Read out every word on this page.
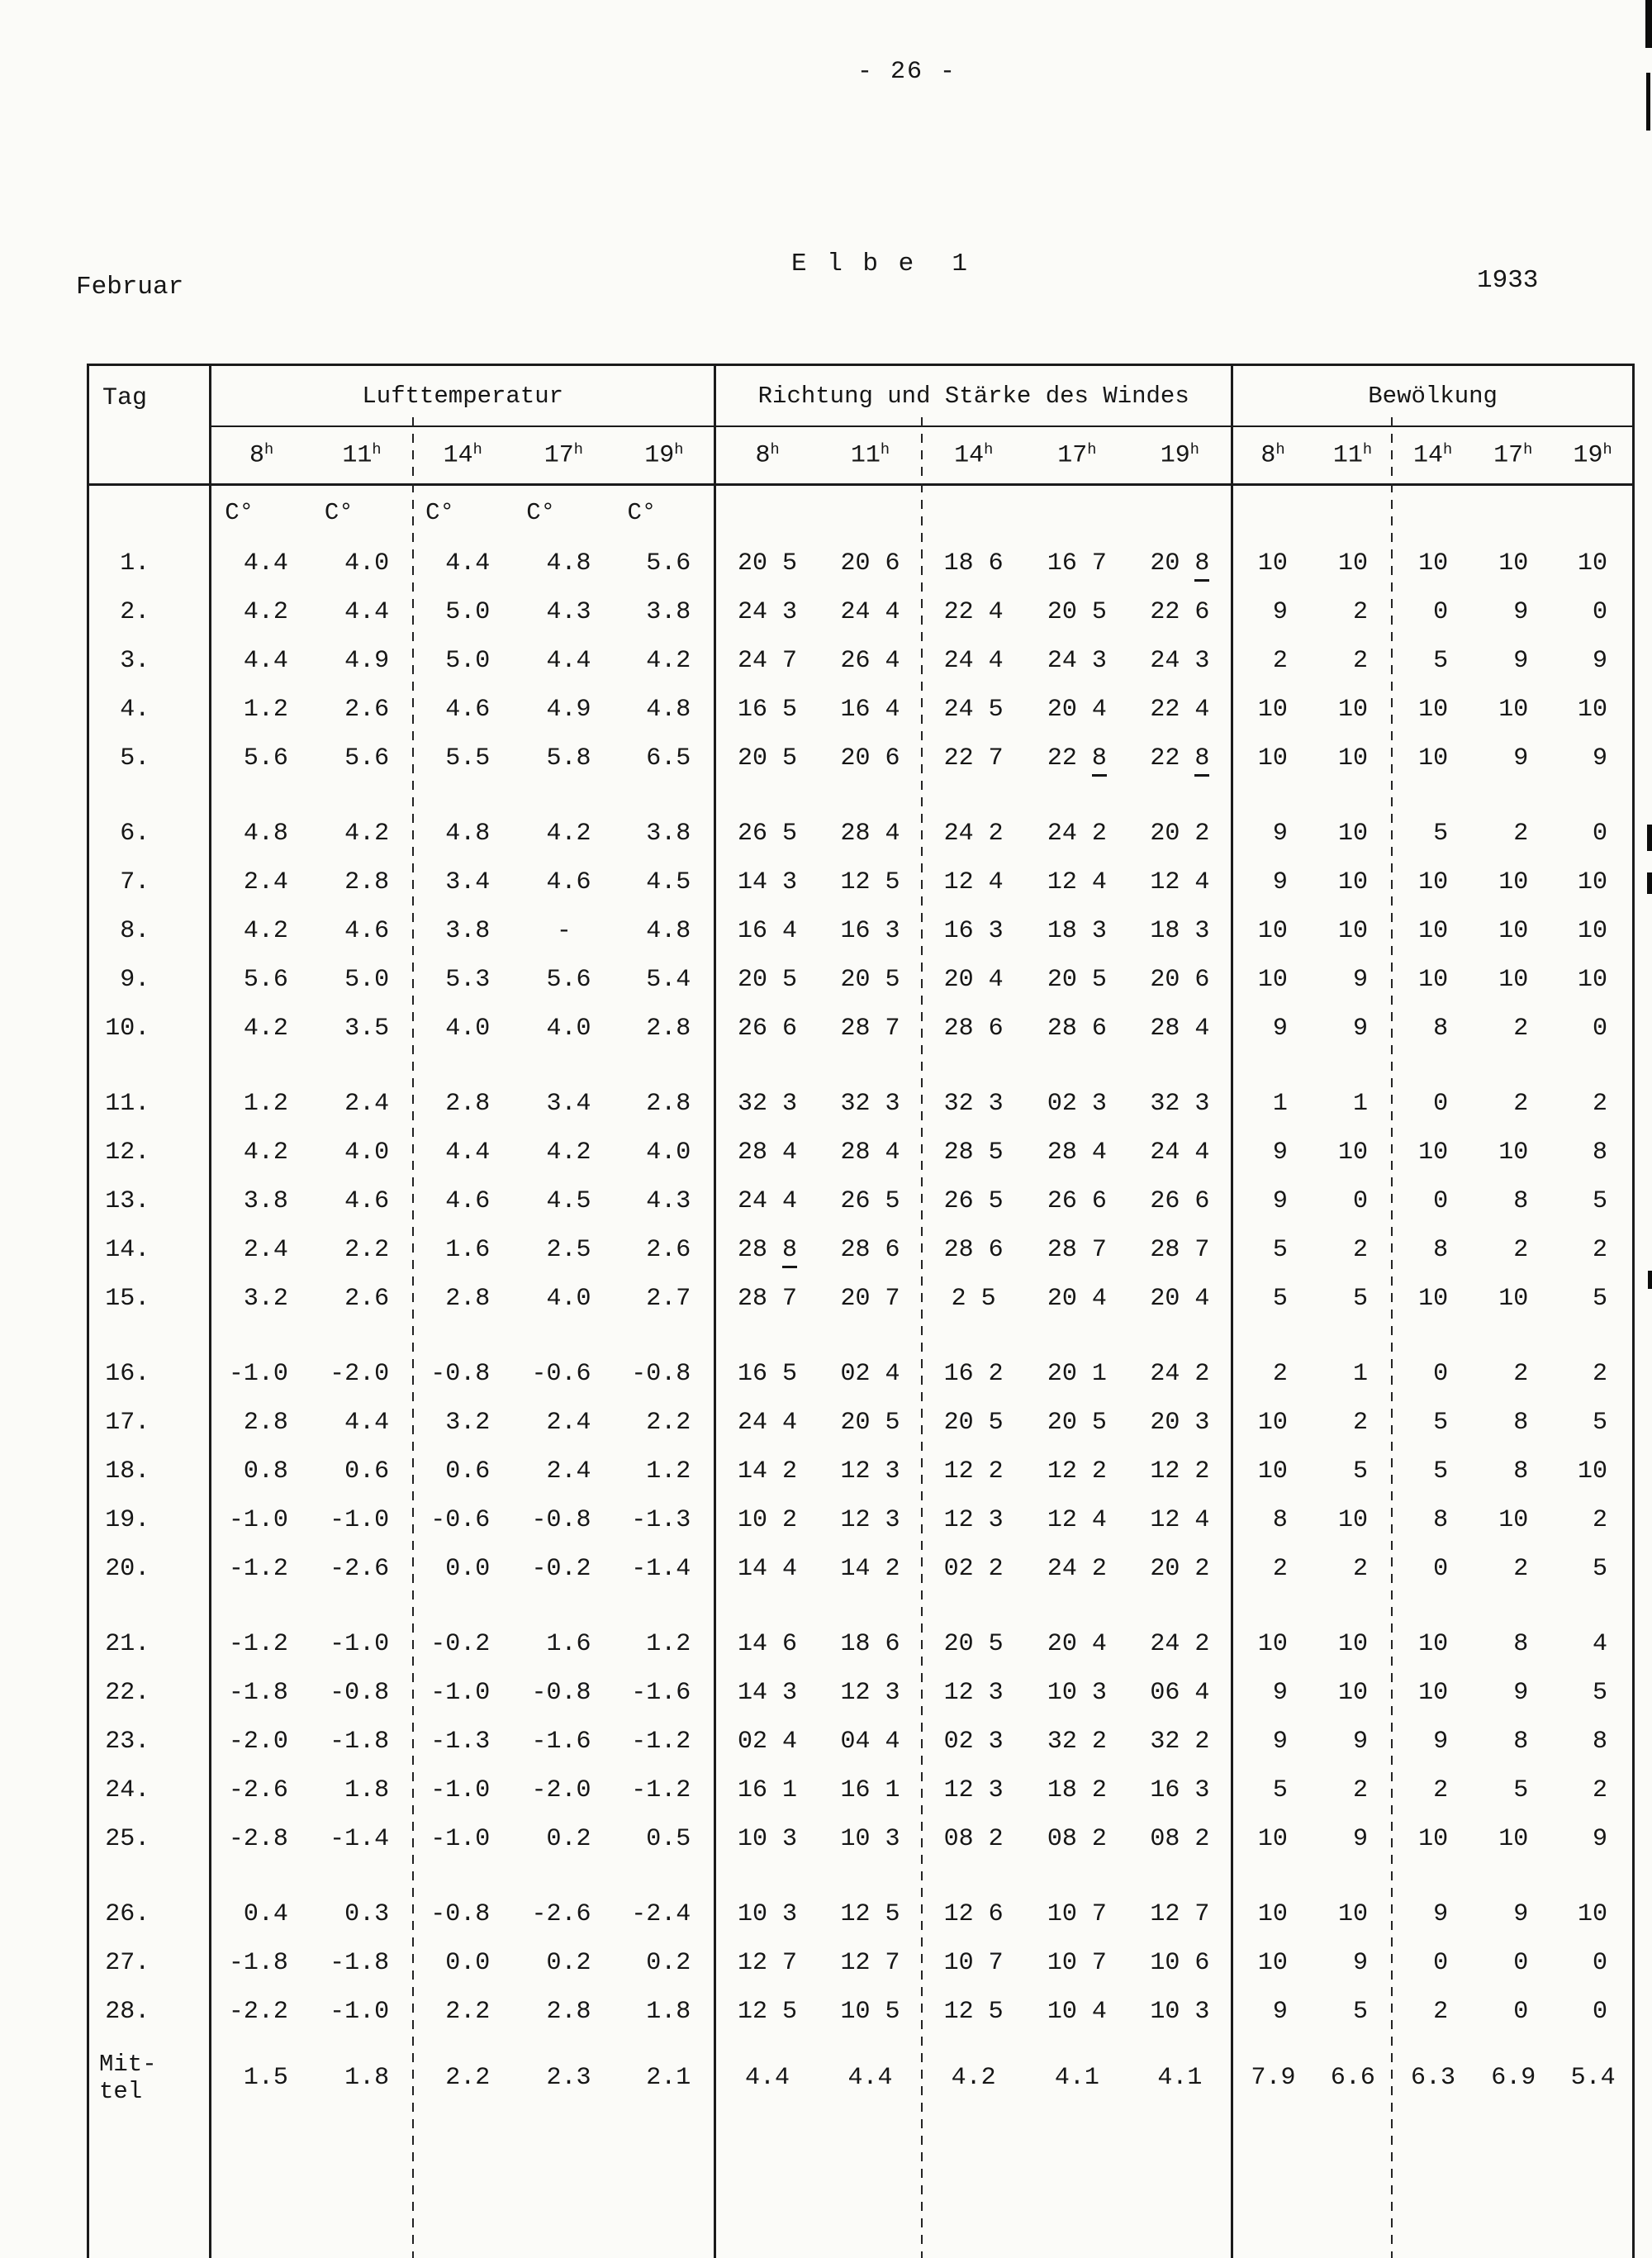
- 26 -
Februar
E l b e  1
1933
Tag	Lufttemperatur					Richtung und Stärke des Windes					Bewölkung				
	8$^h$	11$^h$	14$^h$	17$^h$	19$^h$	8$^h$	11$^h$	14$^h$	17$^h$	19$^h$	8$^h$	11$^h$	14$^h$	17$^h$	19$^h$
	C°	C°	C°	C°	C°										
1.	4.4	4.0	4.4	4.8	5.6	20 5	20 6	18 6	16 7	20 8	10	10	10	10	10
2.	4.2	4.4	5.0	4.3	3.8	24 3	24 4	22 4	20 5	22 6	9	2	0	9	0
3.	4.4	4.9	5.0	4.4	4.2	24 7	26 4	24 4	24 3	24 3	2	2	5	9	9
4.	1.2	2.6	4.6	4.9	4.8	16 5	16 4	24 5	20 4	22 4	10	10	10	10	10
5.	5.6	5.6	5.5	5.8	6.5	20 5	20 6	22 7	22 8	22 8	10	10	10	9	9

6.	4.8	4.2	4.8	4.2	3.8	26 5	28 4	24 2	24 2	20 2	9	10	5	2	0
7.	2.4	2.8	3.4	4.6	4.5	14 3	12 5	12 4	12 4	12 4	9	10	10	10	10
8.	4.2	4.6	3.8	-	4.8	16 4	16 3	16 3	18 3	18 3	10	10	10	10	10
9.	5.6	5.0	5.3	5.6	5.4	20 5	20 5	20 4	20 5	20 6	10	9	10	10	10
10.	4.2	3.5	4.0	4.0	2.8	26 6	28 7	28 6	28 6	28 4	9	9	8	2	0

11.	1.2	2.4	2.8	3.4	2.8	32 3	32 3	32 3	02 3	32 3	1	1	0	2	2
12.	4.2	4.0	4.4	4.2	4.0	28 4	28 4	28 5	28 4	24 4	9	10	10	10	8
13.	3.8	4.6	4.6	4.5	4.3	24 4	26 5	26 5	26 6	26 6	9	0	0	8	5
14.	2.4	2.2	1.6	2.5	2.6	28 8	28 6	28 6	28 7	28 7	5	2	8	2	2
15.	3.2	2.6	2.8	4.0	2.7	28 7	20 7	2 5	20 4	20 4	5	5	10	10	5

16.	-1.0	-2.0	-0.8	-0.6	-0.8	16 5	02 4	16 2	20 1	24 2	2	1	0	2	2
17.	2.8	4.4	3.2	2.4	2.2	24 4	20 5	20 5	20 5	20 3	10	2	5	8	5
18.	0.8	0.6	0.6	2.4	1.2	14 2	12 3	12 2	12 2	12 2	10	5	5	8	10
19.	-1.0	-1.0	-0.6	-0.8	-1.3	10 2	12 3	12 3	12 4	12 4	8	10	8	10	2
20.	-1.2	-2.6	0.0	-0.2	-1.4	14 4	14 2	02 2	24 2	20 2	2	2	0	2	5

21.	-1.2	-1.0	-0.2	1.6	1.2	14 6	18 6	20 5	20 4	24 2	10	10	10	8	4
22.	-1.8	-0.8	-1.0	-0.8	-1.6	14 3	12 3	12 3	10 3	06 4	9	10	10	9	5
23.	-2.0	-1.8	-1.3	-1.6	-1.2	02 4	04 4	02 3	32 2	32 2	9	9	9	8	8
24.	-2.6	1.8	-1.0	-2.0	-1.2	16 1	16 1	12 3	18 2	16 3	5	2	2	5	2
25.	-2.8	-1.4	-1.0	0.2	0.5	10 3	10 3	08 2	08 2	08 2	10	9	10	10	9

26.	0.4	0.3	-0.8	-2.6	-2.4	10 3	12 5	12 6	10 7	12 7	10	10	9	9	10
27.	-1.8	-1.8	0.0	0.2	0.2	12 7	12 7	10 7	10 7	10 6	10	9	0	0	0
28.	-2.2	-1.0	2.2	2.8	1.8	12 5	10 5	12 5	10 4	10 3	9	5	2	0	0
Mit-
tel	1.5	1.8	2.2	2.3	2.1	4.4	4.4	4.2	4.1	4.1	7.9	6.6	6.3	6.9	5.4
